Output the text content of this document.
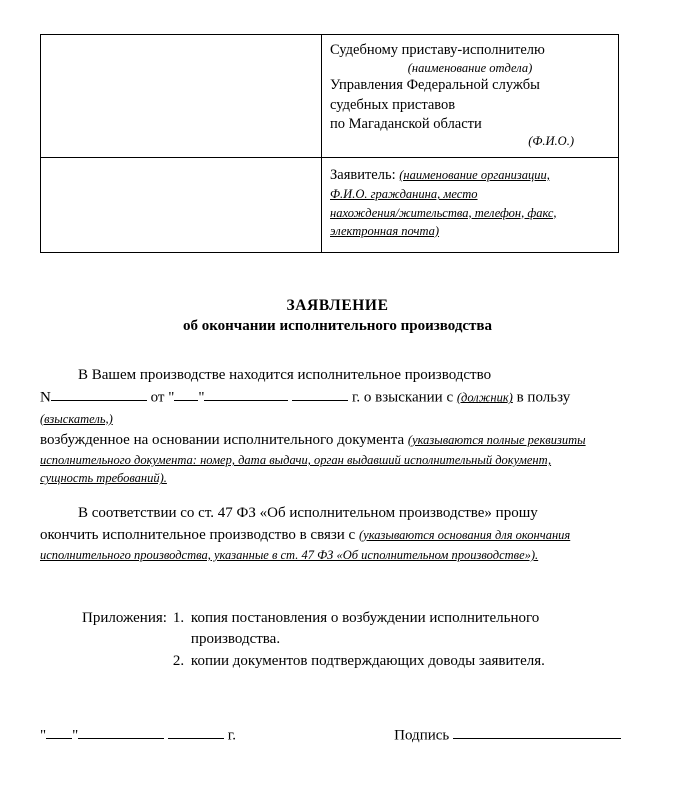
Судебному приставу-исполнителю
(наименование отдела)
Управления Федеральной службы
судебных приставов
по Магаданской области
(Ф.И.О.)

	Заявитель: (наименование организации,
Ф.И.О. гражданина, место
нахождения/жительства, телефон, факс,
электронная почта)
ЗАЯВЛЕНИЕ
об окончании исполнительного производства
В Вашем производстве находится исполнительное производство
N	от " "	г. о взыскании с (должник) в пользу (взыскатель,)
возбужденное на основании исполнительного документа (указываются полные реквизиты
исполнительного документа: номер, дата выдачи, орган выдавший исполнительный документ,
сущность требований).
В соответствии со ст. 47 ФЗ «Об исполнительном производстве» прошу
окончить исполнительное производство в связи с (указываются основания для окончания
исполнительного производства, указанные в ст. 47 ФЗ «Об исполнительном производстве»).
Приложения: 1. копия постановления о возбуждении исполнительного
производства.
2. копии документов подтверждающих доводы заявителя.
" "	г.	Подпись
